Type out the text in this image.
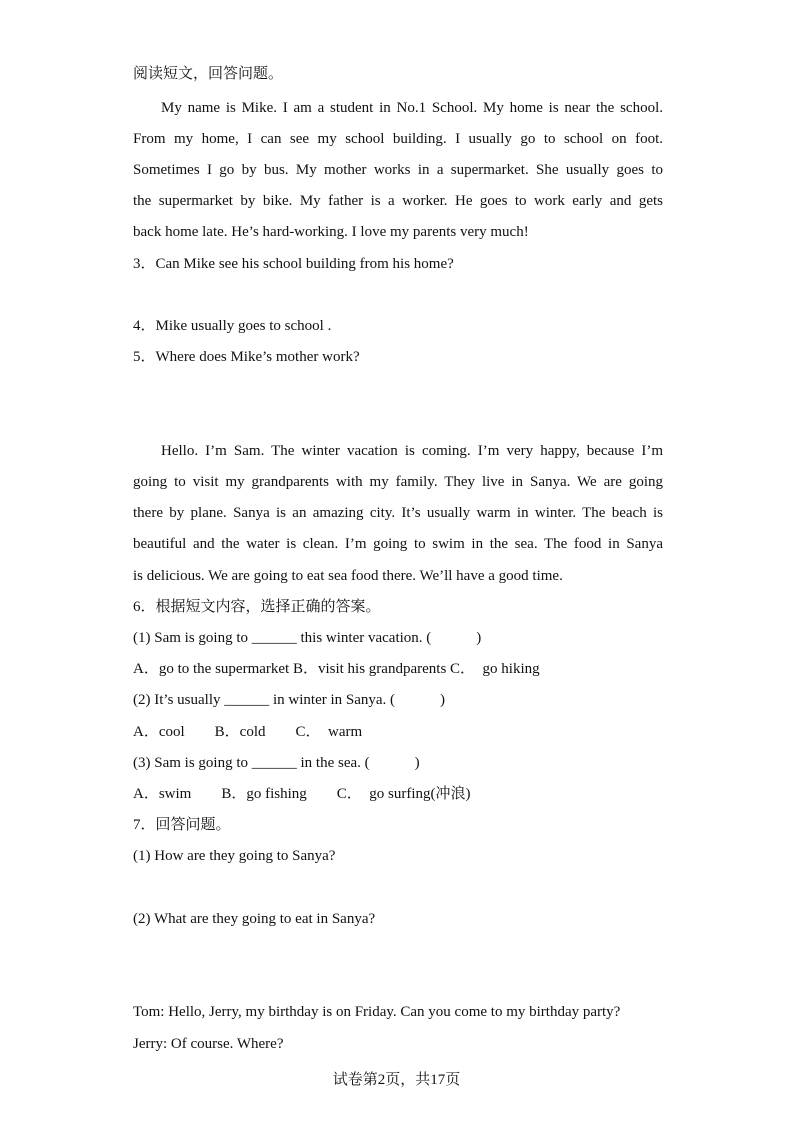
阅读短文，回答问题。
My name is Mike. I am a student in No.1 School. My home is near the school.
From my home, I can see my school building. I usually go to school on foot.
Sometimes I go by bus. My mother works in a supermarket. She usually goes to
the supermarket by bike. My father is a worker. He goes to work early and gets
back home late. He’s hard-working. I love my parents very much!
3．Can Mike see his school building from his home?
4．Mike usually goes to school .
5．Where does Mike’s mother work?
Hello. I’m Sam. The winter vacation is coming. I’m very happy, because I’m
going to visit my grandparents with my family. They live in Sanya. We are going
there by plane. Sanya is an amazing city. It’s usually warm in winter. The beach is
beautiful and the water is clean. I’m going to swim in the sea. The food in Sanya
is delicious. We are going to eat sea food there. We’ll have a good time.
6．根据短文内容，选择正确的答案。
(1) Sam is going to ______ this winter vacation. (　　　)
A．go to the supermarket B．visit his grandparents C．　go hiking
(2) It’s usually ______ in winter in Sanya. (　　　)
A．cool　　B．cold　　C．　warm
(3) Sam is going to ______ in the sea. (　　　)
A．swim　　B．go fishing　　C．　go surfing(冲浪)
7．回答问题。
(1) How are they going to Sanya?
(2) What are they going to eat in Sanya?
Tom: Hello, Jerry, my birthday is on Friday. Can you come to my birthday party?
Jerry: Of course. Where?
试卷第2页，共17页
